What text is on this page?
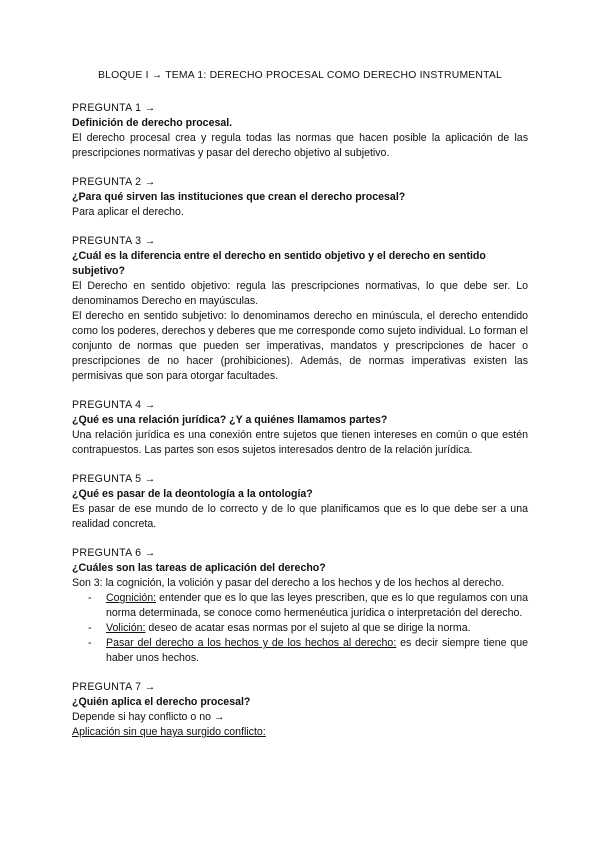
BLOQUE I → TEMA 1: DERECHO PROCESAL COMO DERECHO INSTRUMENTAL

PREGUNTA 1 →

Definición de derecho procesal.

El derecho procesal crea y regula todas las normas que hacen posible la aplicación de las prescripciones normativas y pasar del derecho objetivo al subjetivo.

PREGUNTA 2 →

¿Para qué sirven las instituciones que crean el derecho procesal?

Para aplicar el derecho.

PREGUNTA 3 →

¿Cuál es la diferencia entre el derecho en sentido objetivo y el derecho en sentido subjetivo?

El Derecho en sentido objetivo: regula las prescripciones normativas, lo que debe ser. Lo denominamos Derecho en mayúsculas.

El derecho en sentido subjetivo: lo denominamos derecho en minúscula, el derecho entendido como los poderes, derechos y deberes que me corresponde como sujeto individual. Lo forman el conjunto de normas que pueden ser imperativas, mandatos y prescripciones de hacer o prescripciones de no hacer (prohibiciones). Además, de normas imperativas existen las permisivas que son para otorgar facultades.

PREGUNTA 4 →

¿Qué es una relación jurídica? ¿Y a quiénes llamamos partes?

Una relación jurídica es una conexión entre sujetos que tienen intereses en común o que estén contrapuestos. Las partes son esos sujetos interesados dentro de la relación jurídica.

PREGUNTA 5 →

¿Qué es pasar de la deontología a la ontología?

Es pasar de ese mundo de lo correcto y de lo que planificamos que es lo que debe ser a una realidad concreta.

PREGUNTA 6 →

¿Cuáles son las tareas de aplicación del derecho?

Son 3: la cognición, la volición y pasar del derecho a los hechos y de los hechos al derecho.

- Cognición: entender que es lo que las leyes prescriben, que es lo que regulamos con una norma determinada, se conoce como hermenéutica jurídica o interpretación del derecho.
- Volición: deseo de acatar esas normas por el sujeto al que se dirige la norma.
- Pasar del derecho a los hechos y de los hechos al derecho: es decir siempre tiene que haber unos hechos.

PREGUNTA 7 →

¿Quién aplica el derecho procesal?

Depende si hay conflicto o no →

Aplicación sin que haya surgido conflicto:
